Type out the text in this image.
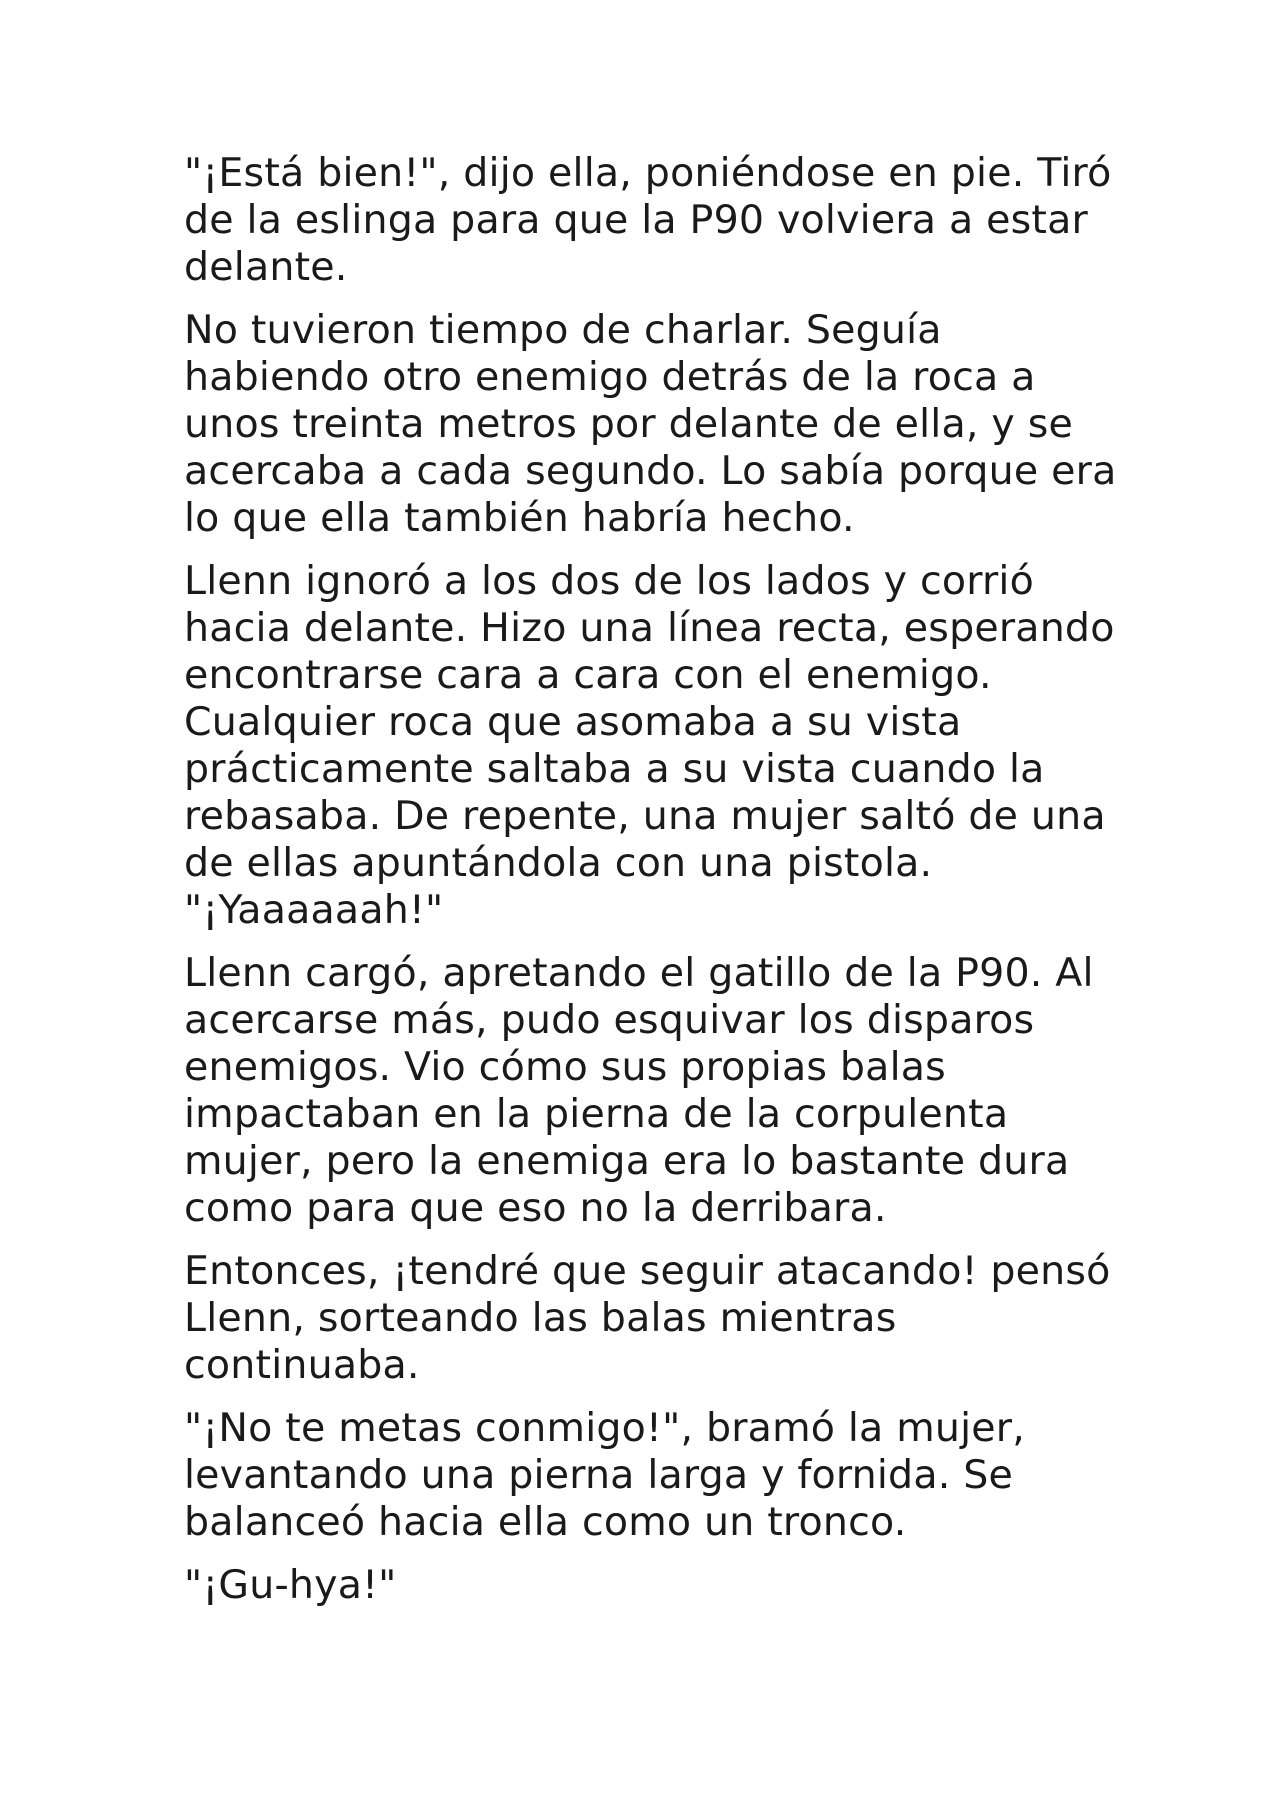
"¡Está bien!", dijo ella, poniéndose en pie. Tiró
de la eslinga para que la P90 volviera a estar
delante.

No tuvieron tiempo de charlar. Seguía
habiendo otro enemigo detrás de la roca a
unos treinta metros por delante de ella, y se
acercaba a cada segundo. Lo sabía porque era
lo que ella también habría hecho.

Llenn ignoró a los dos de los lados y corrió
hacia delante. Hizo una línea recta, esperando
encontrarse cara a cara con el enemigo.
Cualquier roca que asomaba a su vista
prácticamente saltaba a su vista cuando la
rebasaba. De repente, una mujer saltó de una
de ellas apuntándola con una pistola.
"¡Yaaaaaah!"

Llenn cargó, apretando el gatillo de la P90. Al
acercarse más, pudo esquivar los disparos
enemigos. Vio cómo sus propias balas
impactaban en la pierna de la corpulenta
mujer, pero la enemiga era lo bastante dura
como para que eso no la derribara.

Entonces, ¡tendré que seguir atacando! pensó
Llenn, sorteando las balas mientras
continuaba.

"¡No te metas conmigo!", bramó la mujer,
levantando una pierna larga y fornida. Se
balanceó hacia ella como un tronco.

"¡Gu-hya!"
